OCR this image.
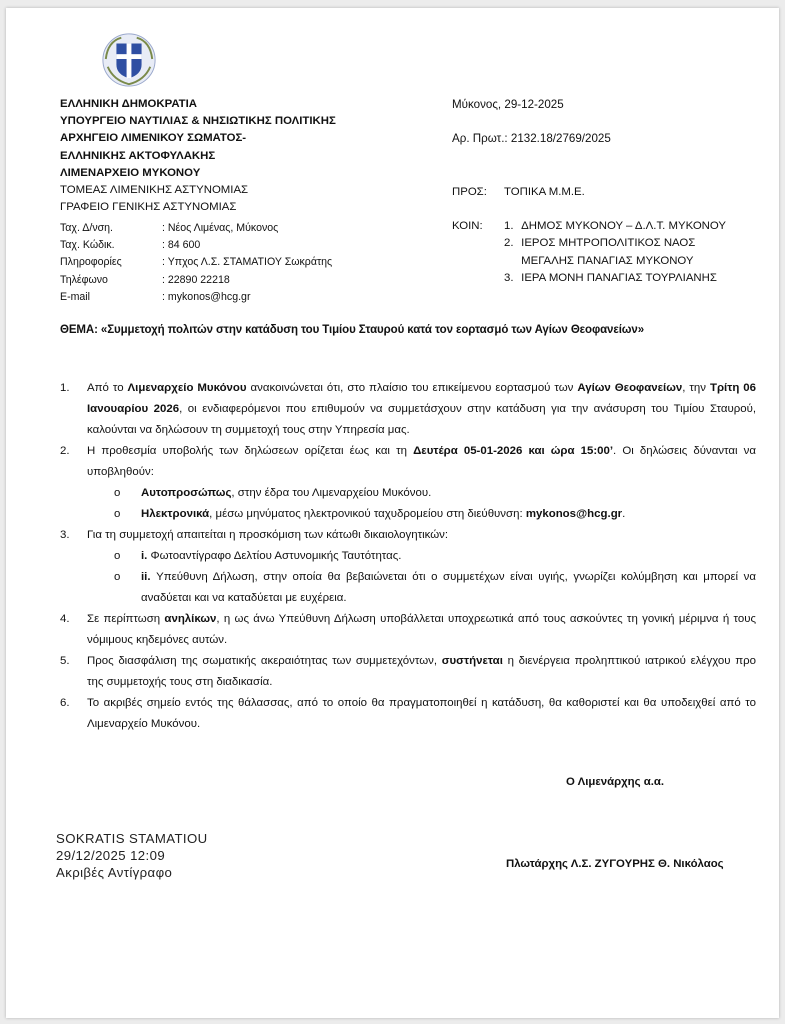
ΕΛΛΗΝΙΚΗ ΔΗΜΟΚΡΑΤΙΑ
ΥΠΟΥΡΓΕΙΟ ΝΑΥΤΙΛΙΑΣ & ΝΗΣΙΩΤΙΚΗΣ ΠΟΛΙΤΙΚΗΣ
ΑΡΧΗΓΕΙΟ ΛΙΜΕΝΙΚΟΥ ΣΩΜΑΤΟΣ-
ΕΛΛΗΝΙΚΗΣ ΑΚΤΟΦΥΛΑΚΗΣ
ΛΙΜΕΝΑΡΧΕΙΟ ΜΥΚΟΝΟΥ
ΤΟΜΕΑΣ ΛΙΜΕΝΙΚΗΣ ΑΣΤΥΝΟΜΙΑΣ
ΓΡΑΦΕΙΟ ΓΕΝΙΚΗΣ ΑΣΤΥΝΟΜΙΑΣ
Ταχ. Δ/νση.	: Νέος Λιμένας, Μύκονος
Ταχ. Κώδικ.	: 84 600
Πληροφορίες	: Υπχος Λ.Σ. ΣΤΑΜΑΤΙΟΥ Σωκράτης
Τηλέφωνο	: 22890 22218
E-mail	: mykonos@hcg.gr
Μύκονος, 29-12-2025
Αρ. Πρωτ.: 2132.18/2769/2025
ΠΡΟΣ:	ΤΟΠΙΚΑ Μ.Μ.Ε.
ΚΟΙΝ:	1.
ΔΗΜΟΣ ΜΥΚΟΝΟΥ – Δ.Λ.Τ. ΜΥΚΟΝΟΥ
2.
ΙΕΡΟΣ ΜΗΤΡΟΠΟΛΙΤΙΚΟΣ ΝΑΟΣ

ΜΕΓΑΛΗΣ ΠΑΝΑΓΙΑΣ ΜΥΚΟΝΟΥ
3.
ΙΕΡΑ ΜΟΝΗ ΠΑΝΑΓΙΑΣ ΤΟΥΡΛΙΑΝΗΣ
ΘΕΜΑ: «Συμμετοχή πολιτών στην κατάδυση του Τιμίου Σταυρού κατά τον εορτασμό των Αγίων Θεοφανείων»
1.	Από το Λιμεναρχείο Μυκόνου ανακοινώνεται ότι, στο πλαίσιο του επικείμενου εορτασμού των Αγίων Θεοφανείων, την Τρίτη 06 Ιανουαρίου 2026, οι ενδιαφερόμενοι που επιθυμούν να συμμετάσχουν στην κατάδυση για την ανάσυρση του Τιμίου Σταυρού, καλούνται να δηλώσουν τη συμμετοχή τους στην Υπηρεσία μας.
2.	Η προθεσμία υποβολής των δηλώσεων ορίζεται έως και τη Δευτέρα 05-01-2026 και ώρα 15:00’. Οι δηλώσεις δύνανται να υποβληθούν:
o	Αυτοπροσώπως, στην έδρα του Λιμεναρχείου Μυκόνου.
o	Ηλεκτρονικά, μέσω μηνύματος ηλεκτρονικού ταχυδρομείου στη διεύθυνση: mykonos@hcg.gr.
3.	Για τη συμμετοχή απαιτείται η προσκόμιση των κάτωθι δικαιολογητικών:
o	i. Φωτοαντίγραφο Δελτίου Αστυνομικής Ταυτότητας.
o	ii. Υπεύθυνη Δήλωση, στην οποία θα βεβαιώνεται ότι ο συμμετέχων είναι υγιής, γνωρίζει κολύμβηση και μπορεί να αναδύεται και να καταδύεται με ευχέρεια.
4.	Σε περίπτωση ανηλίκων, η ως άνω Υπεύθυνη Δήλωση υποβάλλεται υποχρεωτικά από τους ασκούντες τη γονική μέριμνα ή τους νόμιμους κηδεμόνες αυτών.
5.	Προς διασφάλιση της σωματικής ακεραιότητας των συμμετεχόντων, συστήνεται η διενέργεια προληπτικού ιατρικού ελέγχου προ της συμμετοχής τους στη διαδικασία.
6.	Το ακριβές σημείο εντός της θάλασσας, από το οποίο θα πραγματοποιηθεί η κατάδυση, θα καθοριστεί και θα υποδειχθεί από το Λιμεναρχείο Μυκόνου.
Ο Λιμενάρχης α.α.
SOKRATIS STAMATIOU
29/12/2025 12:09
Ακριβές Αντίγραφο
Πλωτάρχης Λ.Σ. ΖΥΓΟΥΡΗΣ Θ. Νικόλαος
